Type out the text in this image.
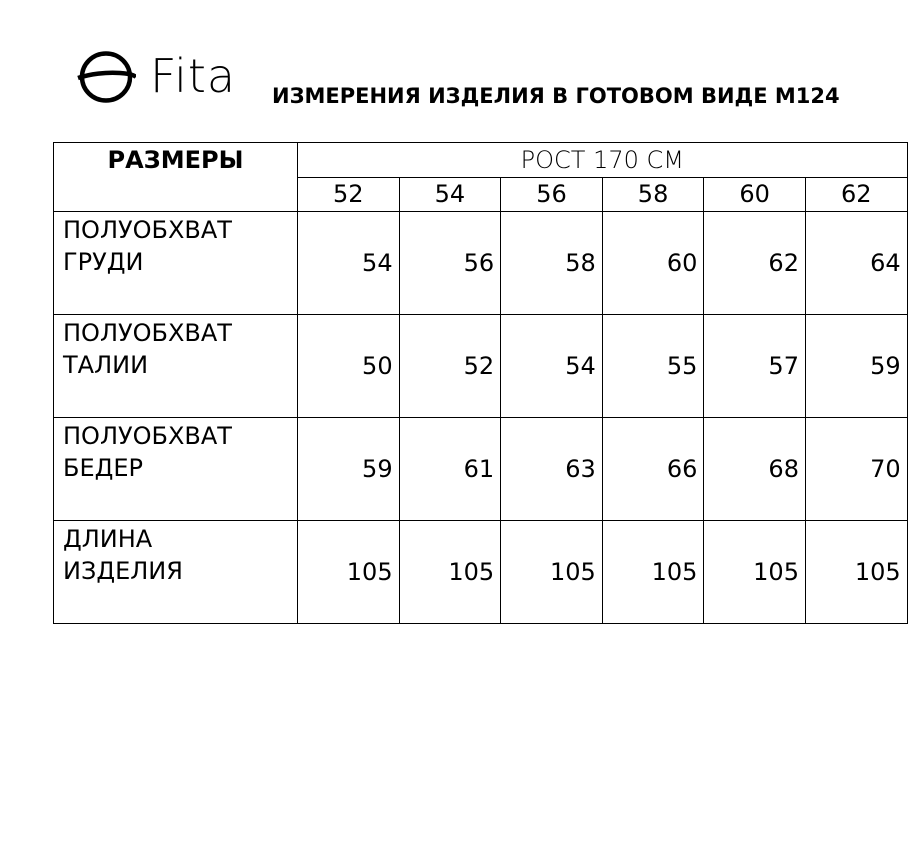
Fita ИЗМЕРЕНИЯ ИЗДЕЛИЯ В ГОТОВОМ ВИДЕ М124
РАЗМЕРЫ	РОСТ 170 СМ					
	52	54	56	58	60	62
ПОЛУОБХВАТ
ГРУДИ	54	56	58	60	62	64
ПОЛУОБХВАТ
ТАЛИИ	50	52	54	55	57	59
ПОЛУОБХВАТ
БЕДЕР	59	61	63	66	68	70
ДЛИНА
ИЗДЕЛИЯ	105	105	105	105	105	105
